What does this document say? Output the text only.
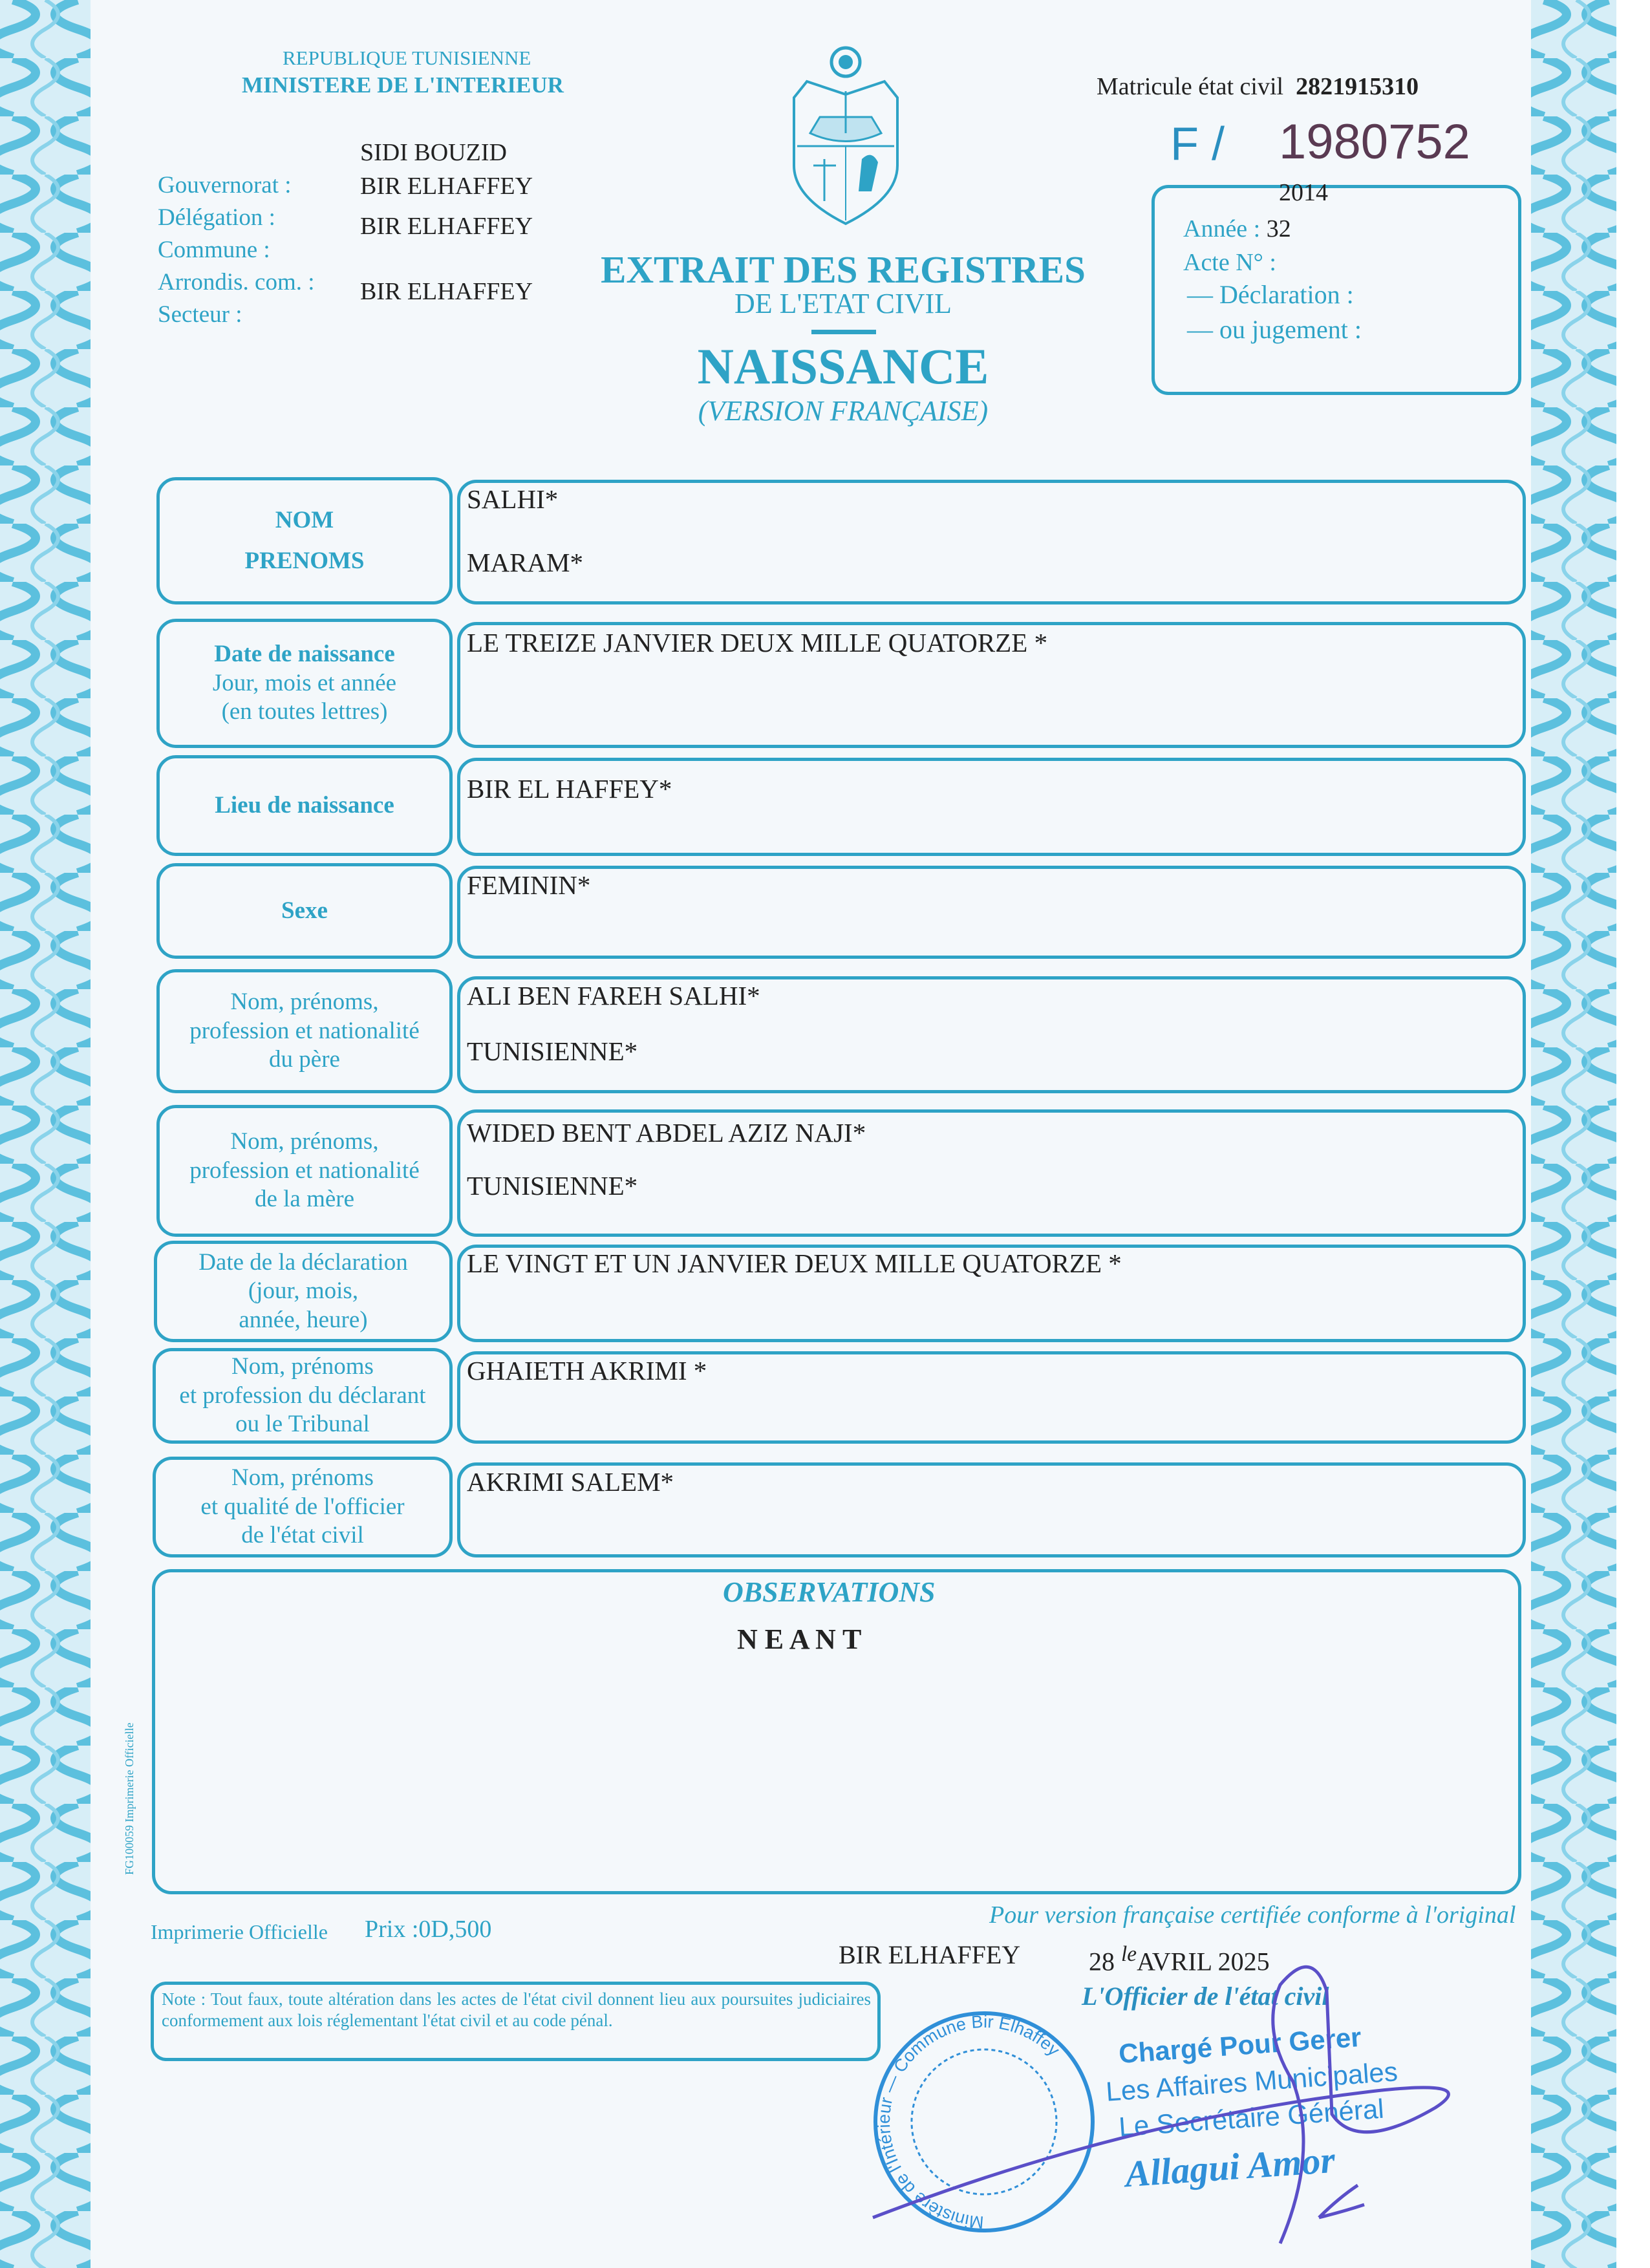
REPUBLIQUE TUNISIENNE
MINISTERE DE L'INTERIEUR
Gouvernorat :
Délégation :
Commune :
Arrondis. com. :
Secteur :
SIDI BOUZID
BIR ELHAFFEY
BIR ELHAFFEY
BIR ELHAFFEY
EXTRAIT DES REGISTRES
DE L'ETAT CIVIL
NAISSANCE
(VERSION FRANÇAISE)
Matricule état civil 2821915310
F / 1980752
2014
Année : 32
Acte N° :
— Déclaration :
— ou jugement :
NOM
PRENOMS
SALHI*
MARAM*
Date de naissance
Jour, mois et année
(en toutes lettres)
LE TREIZE JANVIER DEUX MILLE QUATORZE *
Lieu de naissance
BIR EL HAFFEY*
Sexe
FEMININ*
Nom, prénoms,
profession et nationalité
du père
ALI BEN FAREH SALHI*
TUNISIENNE*
Nom, prénoms,
profession et nationalité
de la mère
WIDED BENT ABDEL AZIZ NAJI*
TUNISIENNE*
Date de la déclaration
(jour, mois,
année, heure)
LE VINGT ET UN JANVIER DEUX MILLE QUATORZE *
Nom, prénoms
et profession du déclarant
ou le Tribunal
GHAIETH AKRIMI *
Nom, prénoms
et qualité de l'officier
de l'état civil
AKRIMI SALEM*
OBSERVATIONS
N E A N T
FG100059 Imprimerie Officielle
Pour version française certifiée conforme à l'original
Imprimerie Officielle Prix :0D,500
BIR ELHAFFEY	28 $^{le}$AVRIL 2025
L'Officier de l'état civil
Note : Tout faux, toute altération dans les actes de l'état civil donnent lieu aux poursuites judiciaires conformement aux lois réglementant l'état civil et au code pénal.
Ministère de l'Intérieur — Commune Bir Elhaffey Chargé Pour Gerer
Les Affaires Municipales
Le Secrétaire Général
Allagui Amor
